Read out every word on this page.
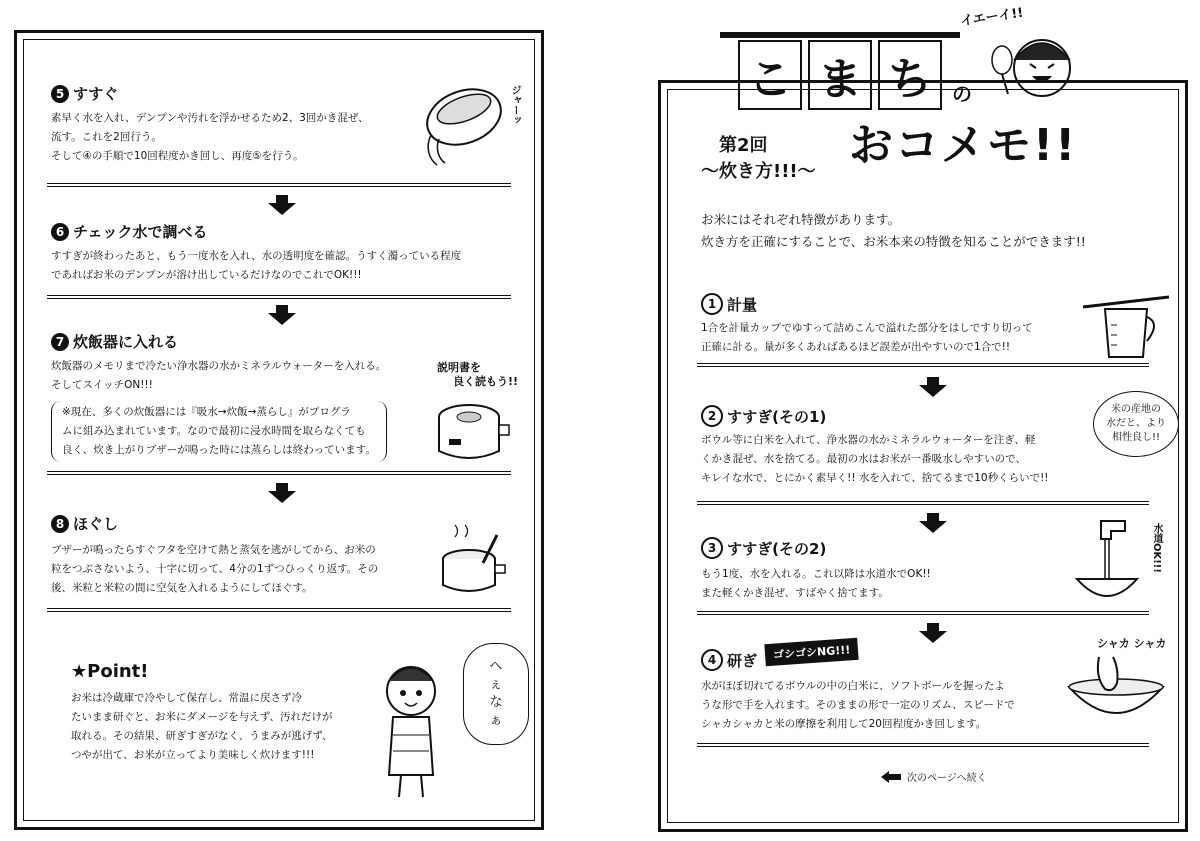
5 すすぐ
素早く水を入れ、デンプンや汚れを浮かせるため2、3回かき混ぜ、
流す。これを2回行う。
そして④の手順で10回程度かき回し、再度⑤を行う。
ジャーッ
6 チェック水で調べる
すすぎが終わったあと、もう一度水を入れ、水の透明度を確認。うすく濁っている程度
であればお米のデンプンが溶け出しているだけなのでこれでOK!!!
7 炊飯器に入れる
炊飯器のメモリまで冷たい浄水器の水かミネラルウォーターを入れる。
そしてスイッチON!!!
※現在、多くの炊飯器には『吸水→炊飯→蒸らし』がプログラ
ムに組み込まれています。なので最初に浸水時間を取らなくても
良く、炊き上がりブザーが鳴った時には蒸らしは終わっています。
説明書を
良く読もう!!
8 ほぐし
ブザーが鳴ったらすぐフタを空けて熱と蒸気を逃がしてから、お米の
粒をつぶさないよう、十字に切って、4分の1ずつひっくり返す。その
後、米粒と米粒の間に空気を入れるようにしてほぐす。
★Point!
お米は冷蔵庫で冷やして保存し、常温に戻さず冷
たいまま研ぐと、お米にダメージを与えず、汚れだけが
取れる。その結果、研ぎすぎがなく、うまみが逃げず、
つやが出て、お米が立ってより美味しく炊けます!!!
へ
ぇ
な
ぁ
こ ま ち	の
イエーイ!!
おコメモ!!
第2回
〜炊き方!!!〜
お米にはそれぞれ特徴があります。
炊き方を正確にすることで、お米本来の特徴を知ることができます!!
1 計量
1合を計量カップでゆすって詰めこんで溢れた部分をはしですり切って
正確に計る。量が多くあればあるほど誤差が出やすいので1合で!!
2 すすぎ(その1)
ボウル等に白米を入れて、浄水器の水かミネラルウォーターを注ぎ、軽
くかき混ぜ、水を捨てる。最初の水はお米が一番吸水しやすいので、
キレイな水で、とにかく素早く!! 水を入れて、捨てるまで10秒くらいで!!
米の産地の
水だと、より
相性良し!!
3 すすぎ(その2)
もう1度、水を入れる。これ以降は水道水でOK!!
また軽くかき混ぜ、すばやく捨てます。
水道OK!!!
4 研ぎ	ゴシゴシNG!!!
水がほぼ切れてるボウルの中の白米に、ソフトボールを握ったよ
うな形で手を入れます。そのままの形で一定のリズム、スピードで
シャカシャカと米の摩擦を利用して20回程度かき回します。
シャカ シャカ
次のページへ続く
